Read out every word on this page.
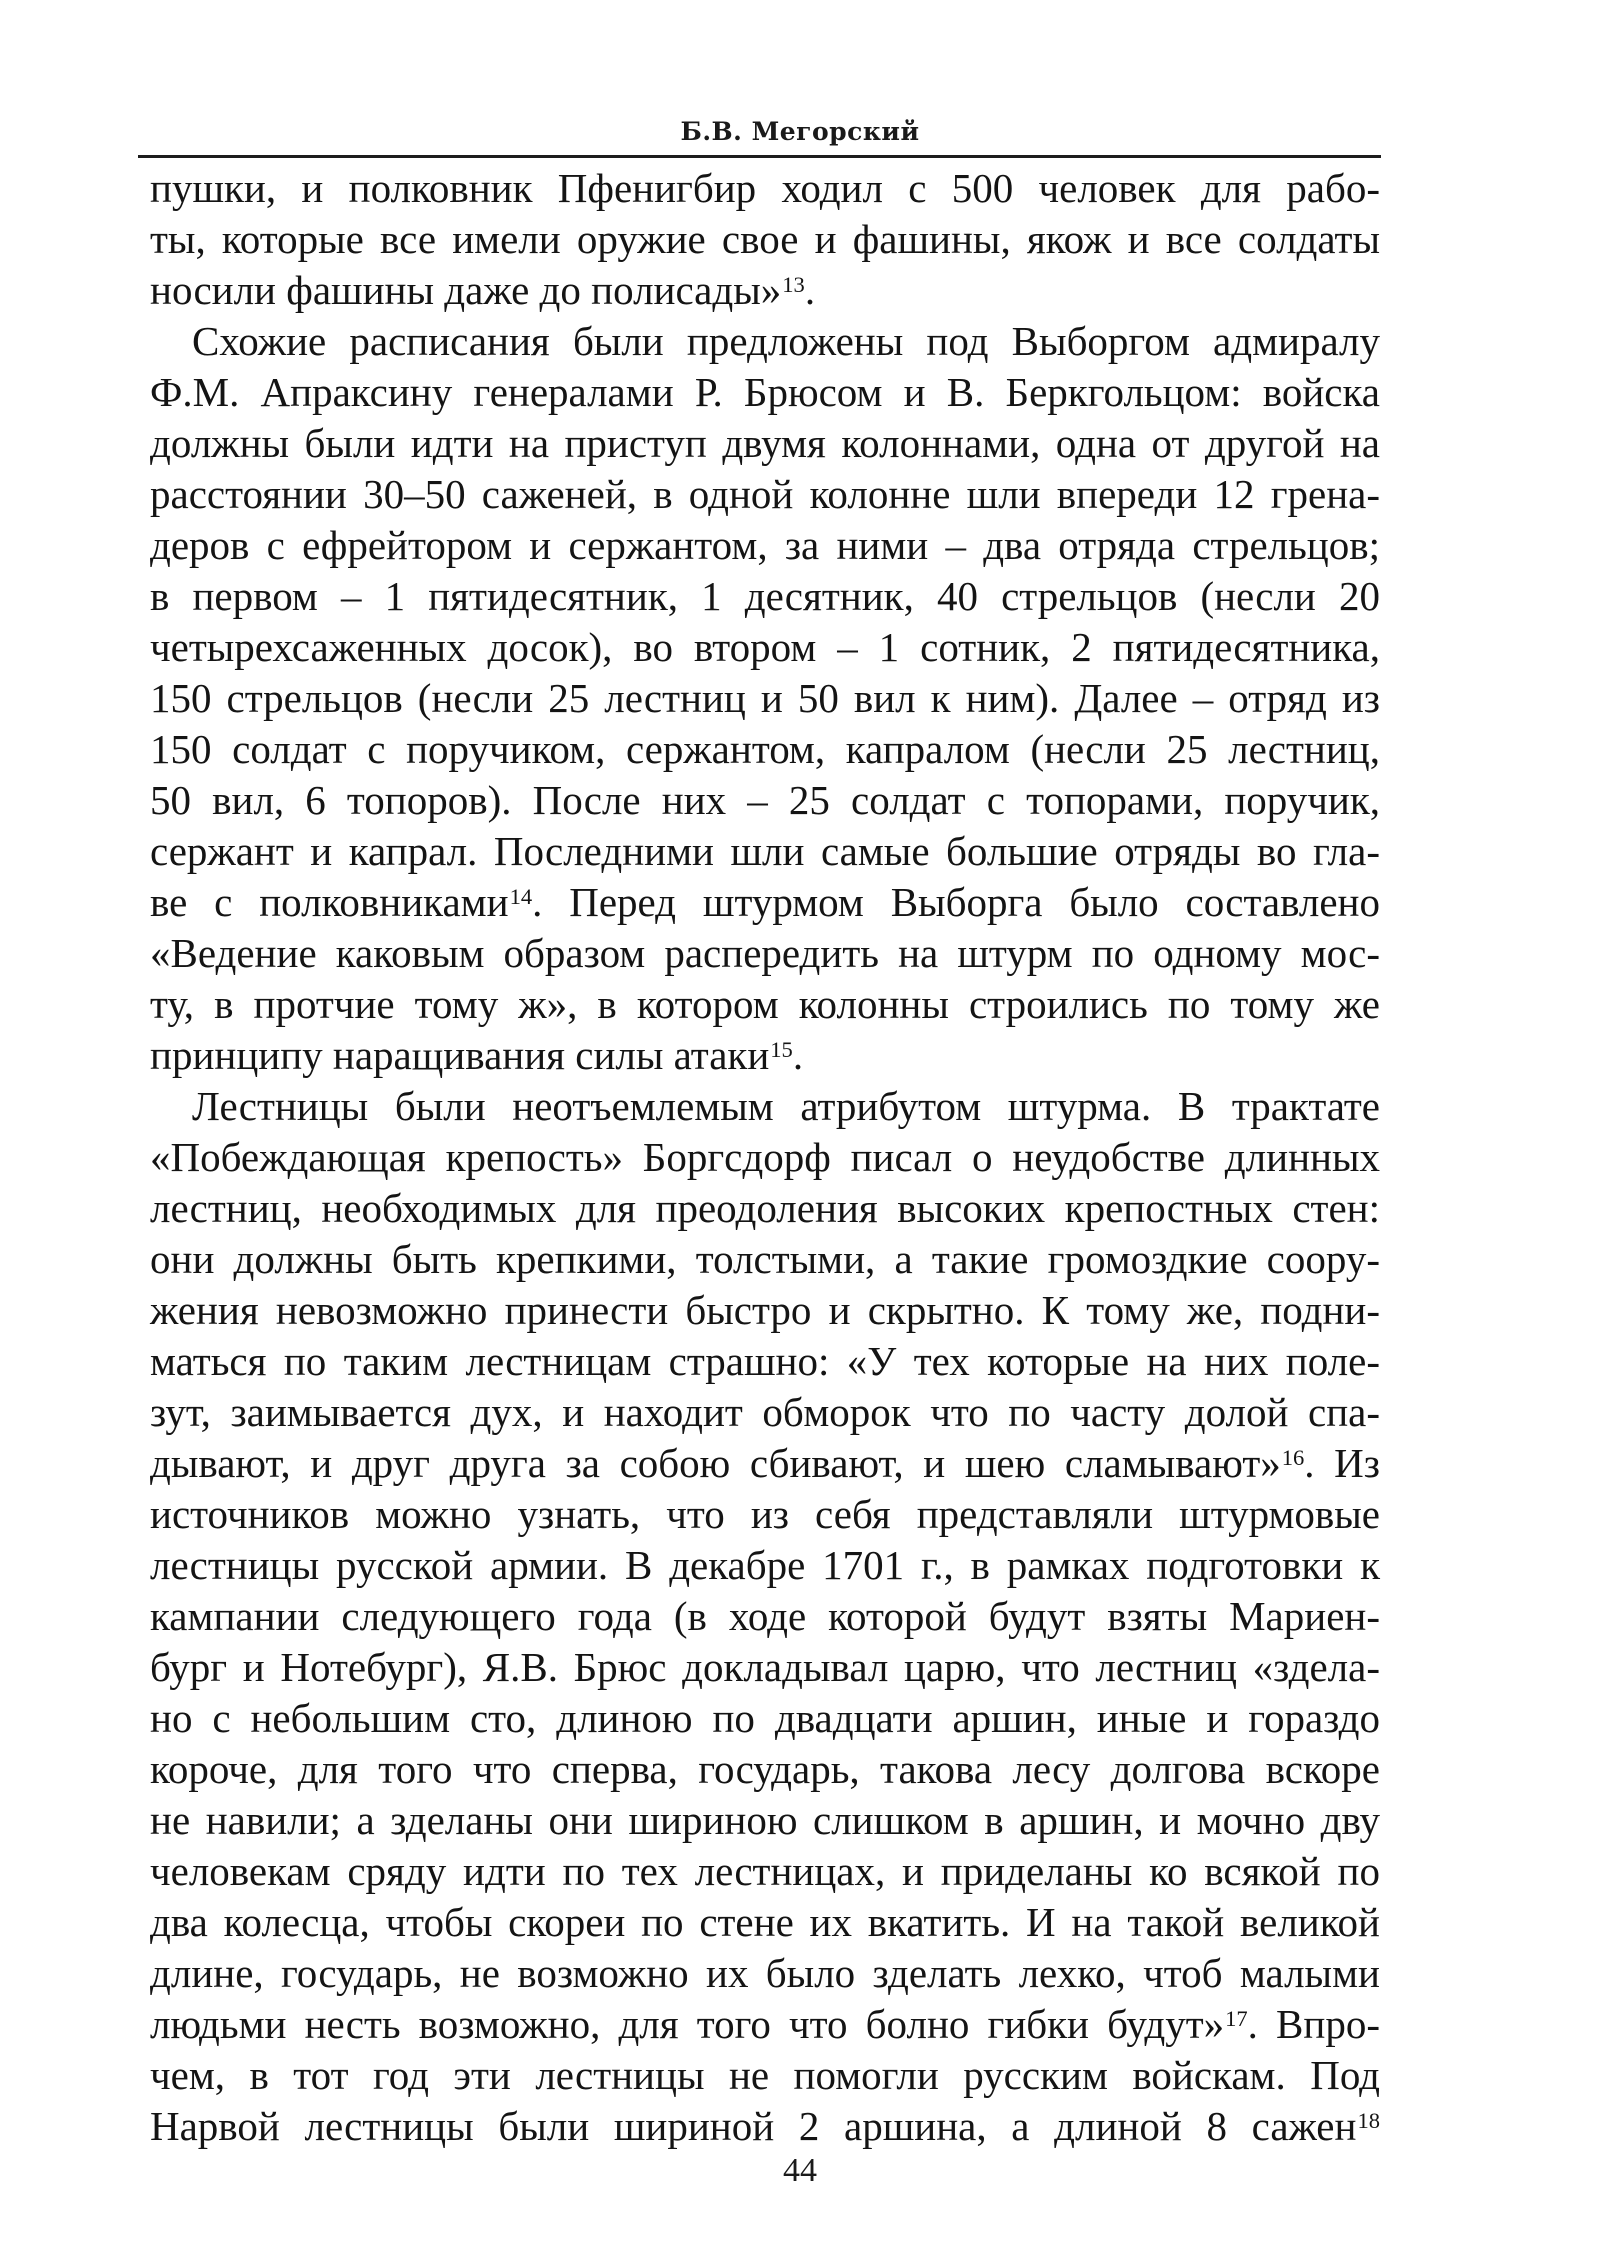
Б.В. Мегорский
пушки, и полковник Пфенигбир ходил с 500 человек для рабо-
ты, которые все имели оружие свое и фашины, якож и все солдаты
носили фашины даже до полисады»$^{13}$.
Схожие расписания были предложены под Выборгом адмиралу
Ф.М. Апраксину генералами Р. Брюсом и В. Беркгольцом: войска
должны были идти на приступ двумя колоннами, одна от другой на
расстоянии 30–50 саженей, в одной колонне шли впереди 12 грена-
деров с ефрейтором и сержантом, за ними – два отряда стрельцов;
в первом – 1 пятидесятник, 1 десятник, 40 стрельцов (несли 20
четырехсаженных досок), во втором – 1 сотник, 2 пятидесятника,
150 стрельцов (несли 25 лестниц и 50 вил к ним). Далее – отряд из
150 солдат с поручиком, сержантом, капралом (несли 25 лестниц,
50 вил, 6 топоров). После них – 25 солдат с топорами, поручик,
сержант и капрал. Последними шли самые большие отряды во гла-
ве с полковниками$^{14}$. Перед штурмом Выборга было составлено
«Ведение каковым образом распередить на штурм по одному мос-
ту, в протчие тому ж», в котором колонны строились по тому же
принципу наращивания силы атаки$^{15}$.
Лестницы были неотъемлемым атрибутом штурма. В трактате
«Побеждающая крепость» Боргсдорф писал о неудобстве длинных
лестниц, необходимых для преодоления высоких крепостных стен:
они должны быть крепкими, толстыми, а такие громоздкие соору-
жения невозможно принести быстро и скрытно. К тому же, подни-
маться по таким лестницам страшно: «У тех которые на них поле-
зут, заимывается дух, и находит обморок что по часту долой спа-
дывают, и друг друга за собою сбивают, и шею сламывают»$^{16}$. Из
источников можно узнать, что из себя представляли штурмовые
лестницы русской армии. В декабре 1701 г., в рамках подготовки к
кампании следующего года (в ходе которой будут взяты Мариен-
бург и Нотебург), Я.В. Брюс докладывал царю, что лестниц «здела-
но с небольшим сто, длиною по двадцати аршин, иные и гораздо
короче, для того что сперва, государь, такова лесу долгова вскоре
не навили; а зделаны они шириною слишком в аршин, и мочно дву
человекам сряду идти по тех лестницах, и приделаны ко всякой по
два колесца, чтобы скореи по стене их вкатить. И на такой великой
длине, государь, не возможно их было зделать лехко, чтоб малыми
людьми несть возможно, для того что болно гибки будут»$^{17}$. Впро-
чем, в тот год эти лестницы не помогли русским войскам. Под
Нарвой лестницы были шириной 2 аршина, а длиной 8 сажен$^{18}$
44
